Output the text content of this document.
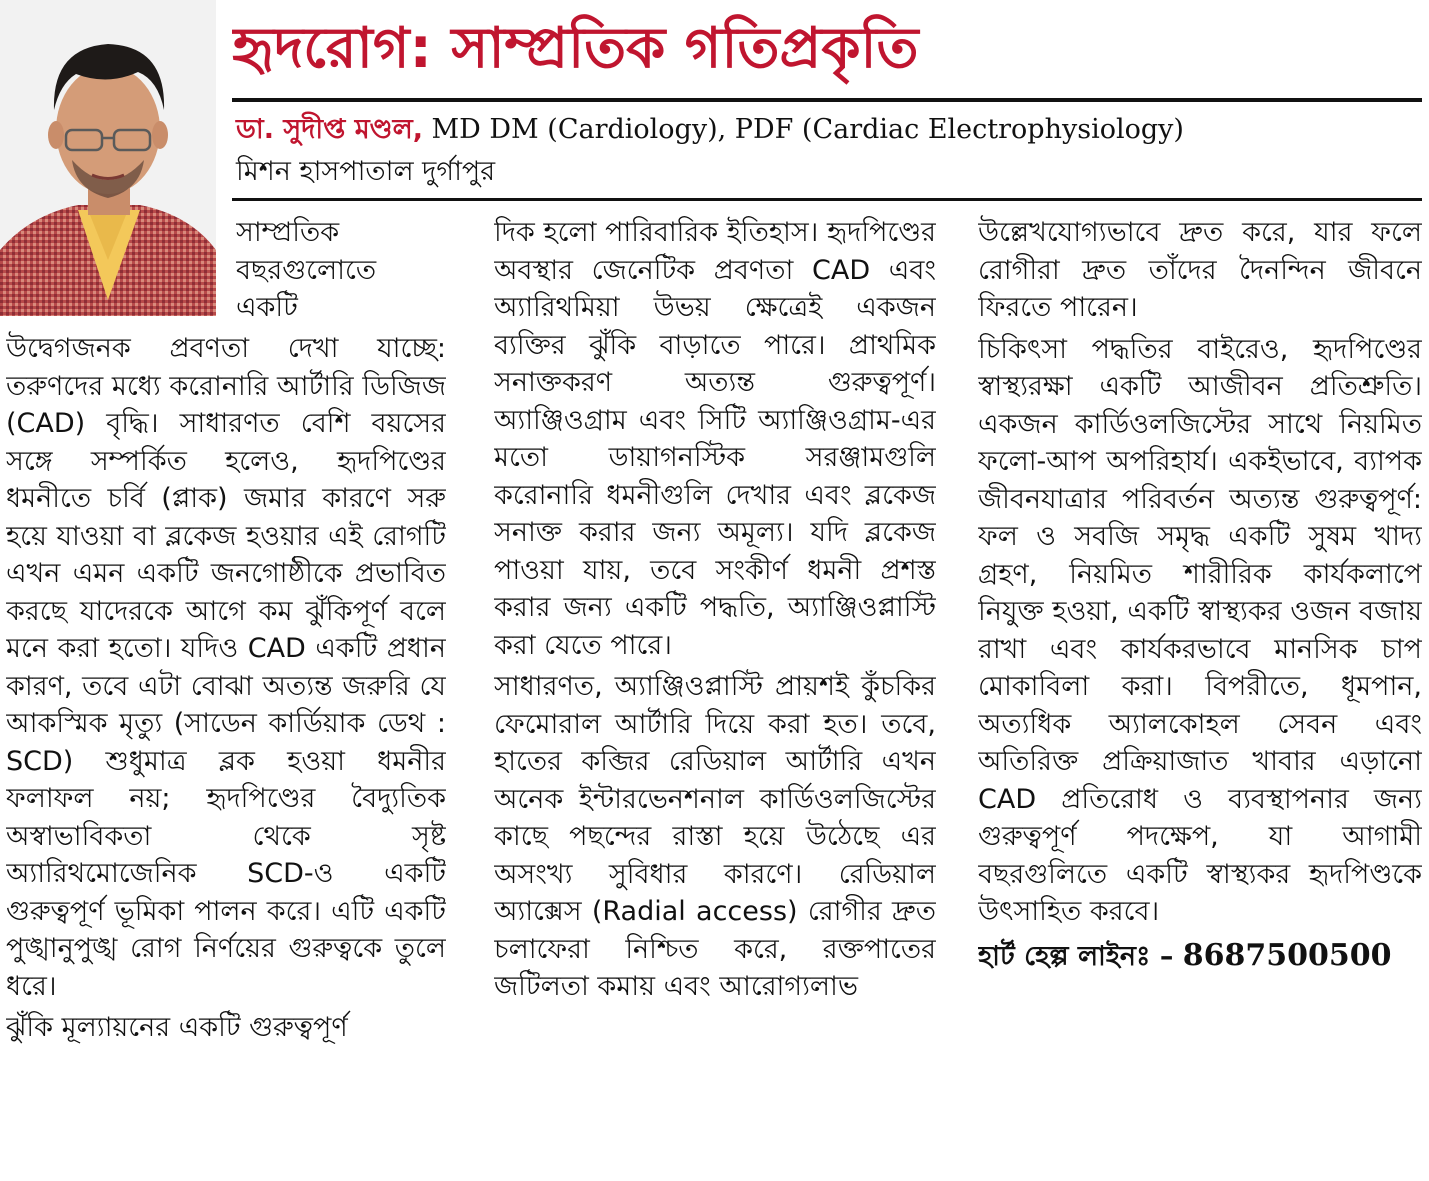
হৃদরোগ: সাম্প্রতিক গতিপ্রকৃতি
ডা. সুদীপ্ত মণ্ডল, MD DM (Cardiology), PDF (Cardiac Electrophysiology)
মিশন হাসপাতাল দুর্গাপুর

সাম্প্রতিক বছরগুলোতে একটি

উদ্বেগজনক প্রবণতা দেখা যাচ্ছে: তরুণদের মধ্যে করোনারি আর্টারি ডিজিজ (CAD) বৃদ্ধি। সাধারণত বেশি বয়সের সঙ্গে সম্পর্কিত হলেও, হৃদপিণ্ডের ধমনীতে চর্বি (প্লাক) জমার কারণে সরু হয়ে যাওয়া বা ব্লকেজ হওয়ার এই রোগটি এখন এমন একটি জনগোষ্ঠীকে প্রভাবিত করছে যাদেরকে আগে কম ঝুঁকিপূর্ণ বলে মনে করা হতো। যদিও CAD একটি প্রধান কারণ, তবে এটা বোঝা অত্যন্ত জরুরি যে আকস্মিক মৃত্যু (সাডেন কার্ডিয়াক ডেথ : SCD) শুধুমাত্র ব্লক হওয়া ধমনীর ফলাফল নয়; হৃদপিণ্ডের বৈদ্যুতিক অস্বাভাবিকতা থেকে সৃষ্ট অ্যারিথমোজেনিক SCD-ও একটি গুরুত্বপূর্ণ ভূমিকা পালন করে। এটি একটি পুঙ্খানুপুঙ্খ রোগ নির্ণয়ের গুরুত্বকে তুলে ধরে।

ঝুঁকি মূল্যায়নের একটি গুরুত্বপূর্ণ

দিক হলো পারিবারিক ইতিহাস। হৃদপিণ্ডের অবস্থার জেনেটিক প্রবণতা CAD এবং অ্যারিথমিয়া উভয় ক্ষেত্রেই একজন ব্যক্তির ঝুঁকি বাড়াতে পারে। প্রাথমিক সনাক্তকরণ অত্যন্ত গুরুত্বপূর্ণ। অ্যাঞ্জিওগ্রাম এবং সিটি অ্যাঞ্জিওগ্রাম-এর মতো ডায়াগনস্টিক সরঞ্জামগুলি করোনারি ধমনীগুলি দেখার এবং ব্লকেজ সনাক্ত করার জন্য অমূল্য। যদি ব্লকেজ পাওয়া যায়, তবে সংকীর্ণ ধমনী প্রশস্ত করার জন্য একটি পদ্ধতি, অ্যাঞ্জিওপ্লাস্টি করা যেতে পারে।

সাধারণত, অ্যাঞ্জিওপ্লাস্টি প্রায়শই কুঁচকির ফেমোরাল আর্টারি দিয়ে করা হত। তবে, হাতের কব্জির রেডিয়াল আর্টারি এখন অনেক ইন্টারভেনশনাল কার্ডিওলজিস্টের কাছে পছন্দের রাস্তা হয়ে উঠেছে এর অসংখ্য সুবিধার কারণে। রেডিয়াল অ্যাক্সেস (Radial access) রোগীর দ্রুত চলাফেরা নিশ্চিত করে, রক্তপাতের জটিলতা কমায় এবং আরোগ্যলাভ

উল্লেখযোগ্যভাবে দ্রুত করে, যার ফলে রোগীরা দ্রুত তাঁদের দৈনন্দিন জীবনে ফিরতে পারেন।

চিকিৎসা পদ্ধতির বাইরেও, হৃদপিণ্ডের স্বাস্থ্যরক্ষা একটি আজীবন প্রতিশ্রুতি। একজন কার্ডিওলজিস্টের সাথে নিয়মিত ফলো-আপ অপরিহার্য। একইভাবে, ব্যাপক জীবনযাত্রার পরিবর্তন অত্যন্ত গুরুত্বপূর্ণ: ফল ও সবজি সমৃদ্ধ একটি সুষম খাদ্য গ্রহণ, নিয়মিত শারীরিক কার্যকলাপে নিযুক্ত হওয়া, একটি স্বাস্থ্যকর ওজন বজায় রাখা এবং কার্যকরভাবে মানসিক চাপ মোকাবিলা করা। বিপরীতে, ধূমপান, অত্যধিক অ্যালকোহল সেবন এবং অতিরিক্ত প্রক্রিয়াজাত খাবার এড়ানো CAD প্রতিরোধ ও ব্যবস্থাপনার জন্য গুরুত্বপূর্ণ পদক্ষেপ, যা আগামী বছরগুলিতে একটি স্বাস্থ্যকর হৃদপিণ্ডকে উৎসাহিত করবে।

হার্ট হেল্প লাইনঃ – 8687500500
